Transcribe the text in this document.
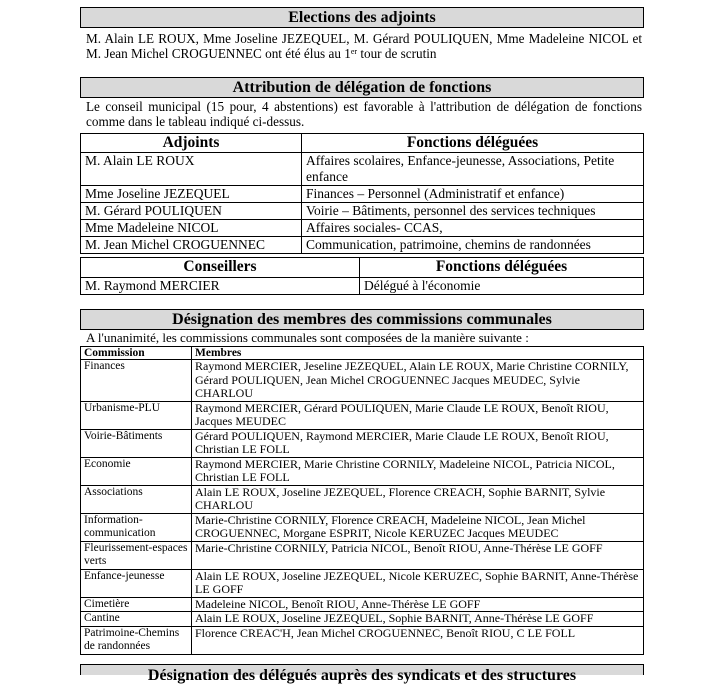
Elections des adjoints
M. Alain LE ROUX, Mme Joseline JEZEQUEL, M. Gérard POULIQUEN, Mme Madeleine NICOL et M. Jean Michel CROGUENNEC ont été élus au 1er tour de scrutin
Attribution de délégation de fonctions
Le conseil municipal (15 pour, 4 abstentions) est favorable à l'attribution de délégation de fonctions comme dans le tableau indiqué ci-dessus.
Adjoints	Fonctions déléguées
M. Alain LE ROUX	Affaires scolaires, Enfance-jeunesse, Associations, Petite enfance
Mme Joseline JEZEQUEL	Finances – Personnel (Administratif et enfance)
M. Gérard POULIQUEN	Voirie – Bâtiments, personnel des services techniques
Mme Madeleine NICOL	Affaires sociales- CCAS,
M. Jean Michel CROGUENNEC	Communication, patrimoine, chemins de randonnées
Conseillers	Fonctions déléguées
M. Raymond MERCIER	Délégué à l'économie
Désignation des membres des commissions communales
A l'unanimité, les commissions communales sont composées de la manière suivante :
Commission	Membres
Finances	Raymond MERCIER, Jeseline JEZEQUEL, Alain LE ROUX, Marie Christine CORNILY, Gérard POULIQUEN, Jean Michel CROGUENNEC Jacques MEUDEC, Sylvie CHARLOU
Urbanisme-PLU	Raymond MERCIER, Gérard POULIQUEN, Marie Claude LE ROUX, Benoît RIOU, Jacques MEUDEC
Voirie-Bâtiments	Gérard POULIQUEN, Raymond MERCIER, Marie Claude LE ROUX, Benoît RIOU, Christian LE FOLL
Economie	Raymond MERCIER, Marie Christine CORNILY, Madeleine NICOL, Patricia NICOL, Christian LE FOLL
Associations	Alain LE ROUX, Joseline JEZEQUEL, Florence CREACH, Sophie BARNIT, Sylvie CHARLOU
Information-communication	Marie-Christine CORNILY, Florence CREACH, Madeleine NICOL, Jean Michel CROGUENNEC, Morgane ESPRIT, Nicole KERUZEC Jacques MEUDEC
Fleurissement-espaces verts	Marie-Christine CORNILY, Patricia NICOL, Benoît RIOU, Anne-Thérèse LE GOFF
Enfance-jeunesse	Alain LE ROUX, Joseline JEZEQUEL, Nicole KERUZEC, Sophie BARNIT, Anne-Thérèse LE GOFF
Cimetière	Madeleine NICOL, Benoît RIOU, Anne-Thérèse LE GOFF
Cantine	Alain LE ROUX, Joseline JEZEQUEL, Sophie BARNIT, Anne-Thérèse LE GOFF
Patrimoine-Chemins de randonnées	Florence CREAC'H, Jean Michel CROGUENNEC, Benoît RIOU, C LE FOLL
Désignation des délégués auprès des syndicats et des structures
